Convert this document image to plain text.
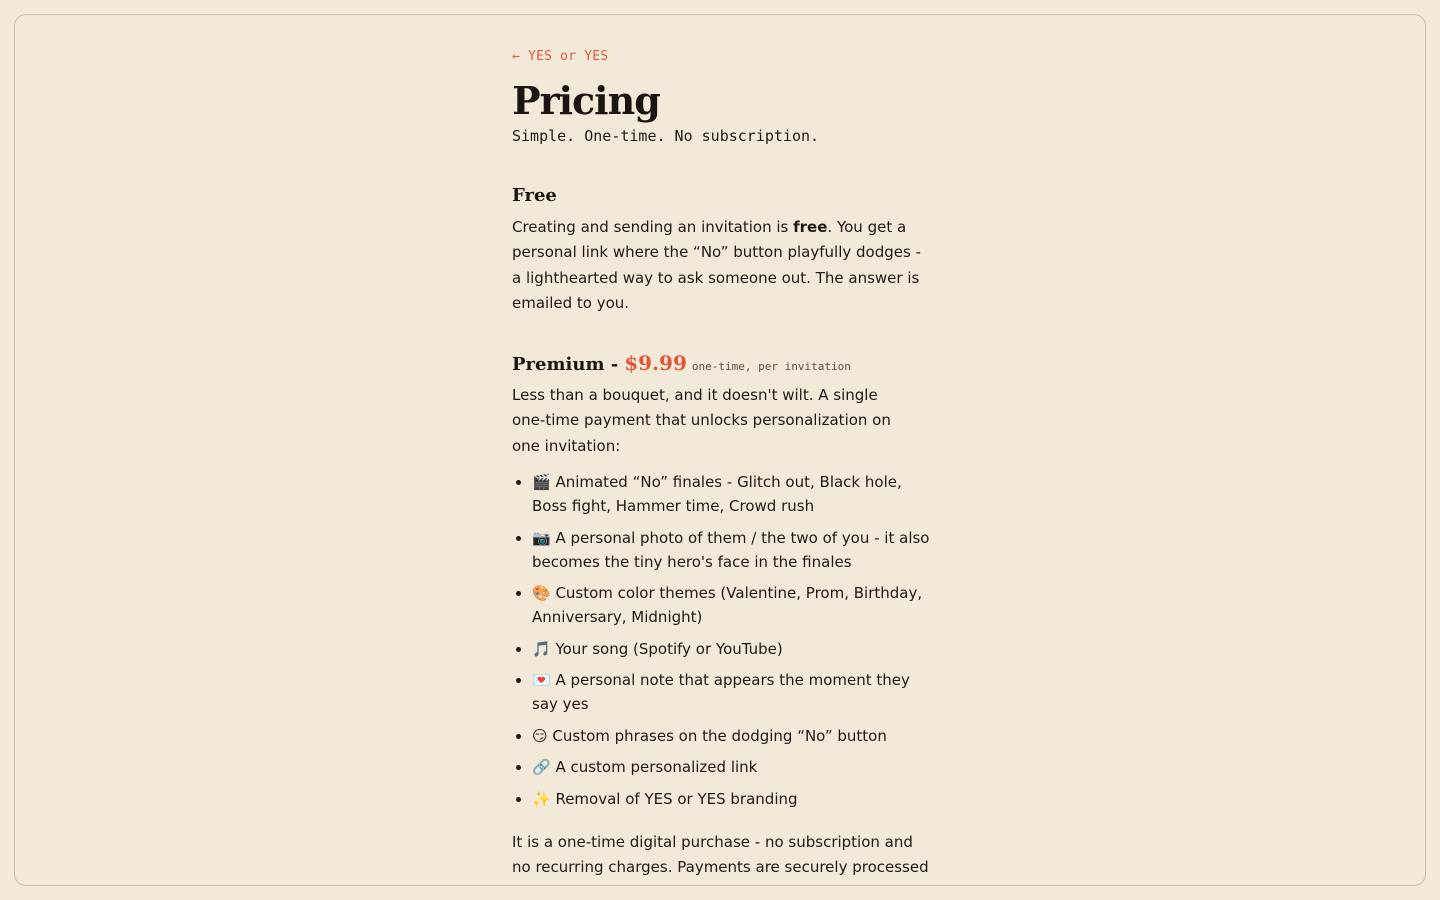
← YES or YES
Pricing

Simple. One-time. No subscription.

Free

Creating and sending an invitation is free. You get a personal link where the “No” button playfully dodges - a lighthearted way to ask someone out. The answer is emailed to you.

Premium - $9.99 one-time, per invitation

Less than a bouquet, and it doesn't wilt. A single one-time payment that unlocks personalization on one invitation:

• 🎬 Animated “No” finales - Glitch out, Black hole, Boss fight, Hammer time, Crowd rush
• 📷 A personal photo of them / the two of you - it also becomes the tiny hero's face in the finales
• 🎨 Custom color themes (Valentine, Prom, Birthday, Anniversary, Midnight)
• 🎵 Your song (Spotify or YouTube)
• 💌 A personal note that appears the moment they say yes
• 😏 Custom phrases on the dodging “No” button
• 🔗 A custom personalized link
• ✨ Removal of YES or YES branding

It is a one-time digital purchase - no subscription and no recurring charges. Payments are securely processed
